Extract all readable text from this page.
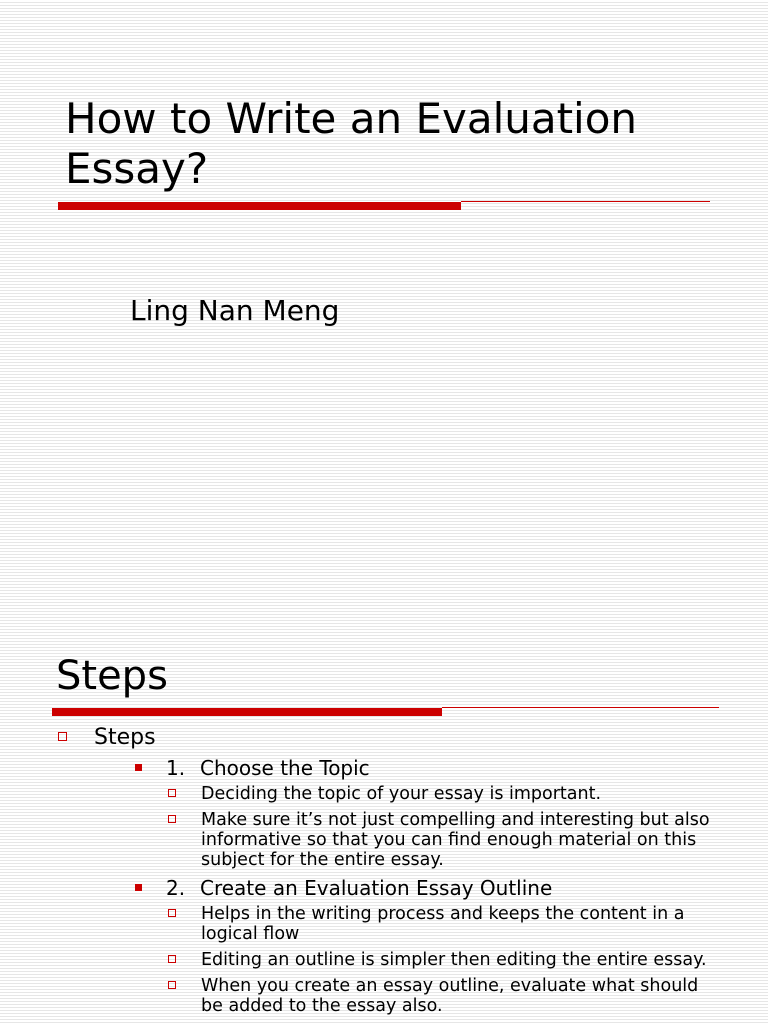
How to Write an Evaluation Essay?

Ling Nan Meng

Steps
Steps
1. Choose the Topic
Deciding the topic of your essay is important.
Make sure it’s not just compelling and interesting but also informative so that you can find enough material on this subject for the entire essay.
2. Create an Evaluation Essay Outline
Helps in the writing process and keeps the content in a logical flow
Editing an outline is simpler then editing the entire essay.
When you create an essay outline, evaluate what should be added to the essay also.
